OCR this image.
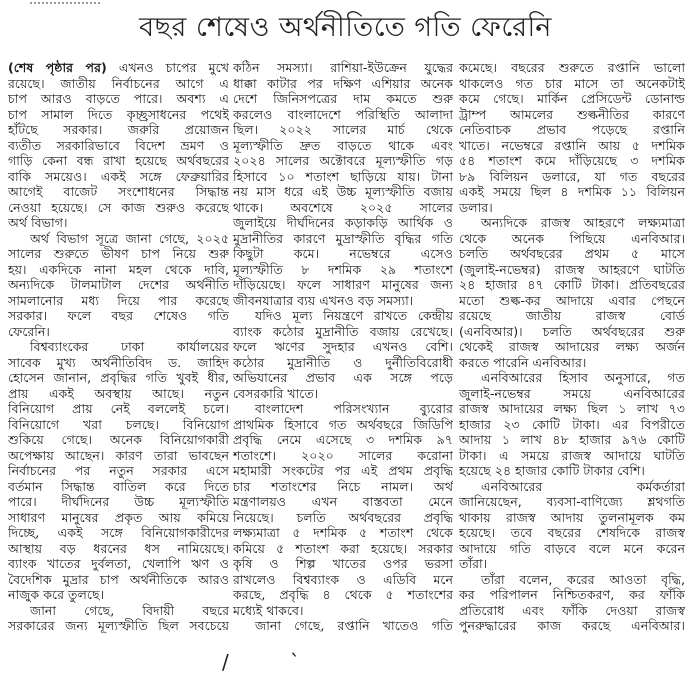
বছর শেষেও অর্থনীতিতে গতি ফেরেনি
(শেষ পৃষ্ঠার পর) এখনও চাপের মুখে
রয়েছে। জাতীয় নির্বাচনের আগে এ
চাপ আরও বাড়তে পারে। অবশ্য এ
চাপ সামাল দিতে কৃচ্ছ্রসাধনের পথেই
হাঁটছে সরকার। জরুরি প্রয়োজন
ব্যতীত সরকারিভাবে বিদেশ ভ্রমণ ও
গাড়ি কেনা বন্ধ রাখা হয়েছে অর্থবছরের
বাকি সময়েও। একই সঙ্গে ফেব্রুয়ারির
আগেই বাজেট সংশোধনের সিদ্ধান্ত
নেওয়া হয়েছে। সে কাজ শুরুও করেছে
অর্থ বিভাগ।
অর্থ বিভাগ সূত্রে জানা গেছে, ২০২৫
সালের শুরুতে ভীষণ চাপ নিয়ে শুরু
হয়। একদিকে নানা মহল থেকে দাবি,
অন্যদিকে টালমাটাল দেশের অর্থনীতি
সামলানোর মধ্য দিয়ে পার করেছে
সরকার। ফলে বছর শেষেও গতি
ফেরেনি।
বিশ্বব্যাংকের ঢাকা কার্যালয়ের
সাবেক মুখ্য অর্থনীতিবিদ ড. জাহিদ
হোসেন জানান, প্রবৃদ্ধির গতি খুবই ধীর,
প্রায় একই অবস্থায় আছে। নতুন
বিনিয়োগ প্রায় নেই বললেই চলে।
বিনিয়োগে খরা চলছে। বিনিয়োগ
শুকিয়ে গেছে। অনেক বিনিয়োগকারী
অপেক্ষায় আছেন। কারণ তারা ভাবছেন
নির্বাচনের পর নতুন সরকার এসে
বর্তমান সিদ্ধান্ত বাতিল করে দিতে
পারে। দীর্ঘদিনের উচ্চ মূল্যস্ফীতি
সাধারণ মানুষের প্রকৃত আয় কমিয়ে
দিচ্ছে, একই সঙ্গে বিনিয়োগকারীদের
আস্থায় বড় ধরনের ধস নামিয়েছে।
ব্যাংক খাতের দুর্বলতা, খেলাপি ঋণ ও
বৈদেশিক মুদ্রার চাপ অর্থনীতিকে আরও
নাজুক করে তুলছে।
জানা গেছে, বিদায়ী বছরে
সরকারের জন্য মূল্যস্ফীতি ছিল সবচেয়ে
কঠিন সমস্যা। রাশিয়া-ইউক্রেন যুদ্ধের
ধাক্কা কাটার পর দক্ষিণ এশিয়ার অনেক
দেশে জিনিসপত্রের দাম কমতে শুরু
করলেও বাংলাদেশে পরিস্থিতি আলাদা
ছিল। ২০২২ সালের মার্চ থেকে
মূল্যস্ফীতি দ্রুত বাড়তে থাকে এবং
২০২৪ সালের অক্টোবরে মূল্যস্ফীতি গড়
হিসাবে ১০ শতাংশ ছাড়িয়ে যায়। টানা
নয় মাস ধরে এই উচ্চ মূল্যস্ফীতি বজায়
থাকে। অবশেষে ২০২৫ সালের
জুলাইয়ে দীর্ঘদিনের কড়াকড়ি আর্থিক ও
মুদ্রানীতির কারণে মুদ্রাস্ফীতি বৃদ্ধির গতি
কিছুটা কমে। নভেম্বরে এসেও
মূল্যস্ফীতি ৮ দশমিক ২৯ শতাংশে
দাঁড়িয়েছে। ফলে সাধারণ মানুষের জন্য
জীবনযাত্রার ব্যয় এখনও বড় সমস্যা।
যদিও মূল্য নিয়ন্ত্রণে রাখতে কেন্দ্রীয়
ব্যাংক কঠোর মুদ্রানীতি বজায় রেখেছে।
ফলে ঋণের সুদহার এখনও বেশি।
কঠোর মুদ্রানীতি ও দুর্নীতিবিরোধী
অভিযানের প্রভাব এক সঙ্গে পড়ে
বেসরকারি খাতে।
বাংলাদেশ পরিসংখ্যান ব্যুরোর
প্রাথমিক হিসাবে গত অর্থবছরে জিডিপি
প্রবৃদ্ধি নেমে এসেছে ৩ দশমিক ৯৭
শতাংশে। ২০২০ সালের করোনা
মহামারী সংকটের পর এই প্রথম প্রবৃদ্ধি
চার শতাংশের নিচে নামল। অর্থ
মন্ত্রণালয়ও এখন বাস্তবতা মেনে
নিয়েছে। চলতি অর্থবছরের প্রবৃদ্ধি
লক্ষ্যমাত্রা ৫ দশমিক ৫ শতাংশ থেকে
কমিয়ে ৫ শতাংশ করা হয়েছে। সরকার
কৃষি ও শিল্প খাতের ওপর ভরসা
রাখলেও বিশ্বব্যাংক ও এডিবি মনে
করছে, প্রবৃদ্ধি ৪ থেকে ৫ শতাংশের
মধ্যেই থাকবে।
জানা গেছে, রপ্তানি খাতেও গতি
কমেছে। বছরের শুরুতে রপ্তানি ভালো
থাকলেও গত চার মাসে তা অনেকটাই
কমে গেছে। মার্কিন প্রেসিডেন্ট ডোনাল্ড
ট্রাম্প আমলের শুল্কনীতির কারণে
নেতিবাচক প্রভাব পড়েছে রপ্তানি
খাতে। নভেম্বরে রপ্তানি আয় ৫ দশমিক
৫৪ শতাংশ কমে দাঁড়িয়েছে ৩ দশমিক
৮৯ বিলিয়ন ডলারে, যা গত বছরের
একই সময়ে ছিল ৪ দশমিক ১১ বিলিয়ন
ডলার।
অন্যদিকে রাজস্ব আহরণে লক্ষ্যমাত্রা
থেকে অনেক পিছিয়ে এনবিআর।
চলতি অর্থবছরের প্রথম ৫ মাসে
(জুলাই-নভেম্বর) রাজস্ব আহরণে ঘাটতি
২৪ হাজার ৪৭ কোটি টাকা। প্রতিবছরের
মতো শুল্ক-কর আদায়ে এবার পেছনে
রয়েছে জাতীয় রাজস্ব বোর্ড
(এনবিআর)। চলতি অর্থবছরের শুরু
থেকেই রাজস্ব আদায়ের লক্ষ্য অর্জন
করতে পারেনি এনবিআর।
এনবিআরের হিসাব অনুসারে, গত
জুলাই-নভেম্বর সময়ে এনবিআরের
রাজস্ব আদায়ের লক্ষ্য ছিল ১ লাখ ৭৩
হাজার ২৩ কোটি টাকা। এর বিপরীতে
আদায় ১ লাখ ৪৮ হাজার ৯৭৬ কোটি
টাকা। এ সময়ে রাজস্ব আদায়ে ঘাটতি
হয়েছে ২৪ হাজার কোটি টাকার বেশি।
এনবিআরের কর্মকর্তারা
জানিয়েছেন, ব্যবসা-বাণিজ্যে শ্লথগতি
থাকায় রাজস্ব আদায় তুলনামূলক কম
হয়েছে। তবে বছরের শেষদিকে রাজস্ব
আদায়ে গতি বাড়বে বলে মনে করেন
তাঁরা।
তাঁরা বলেন, করের আওতা বৃদ্ধি,
কর পরিপালন নিশ্চিতকরণ, কর ফাঁকি
প্রতিরোধ এবং ফাঁকি দেওয়া রাজস্ব
পুনরুদ্ধারের কাজ করছে এনবিআর।
/	ˋ
